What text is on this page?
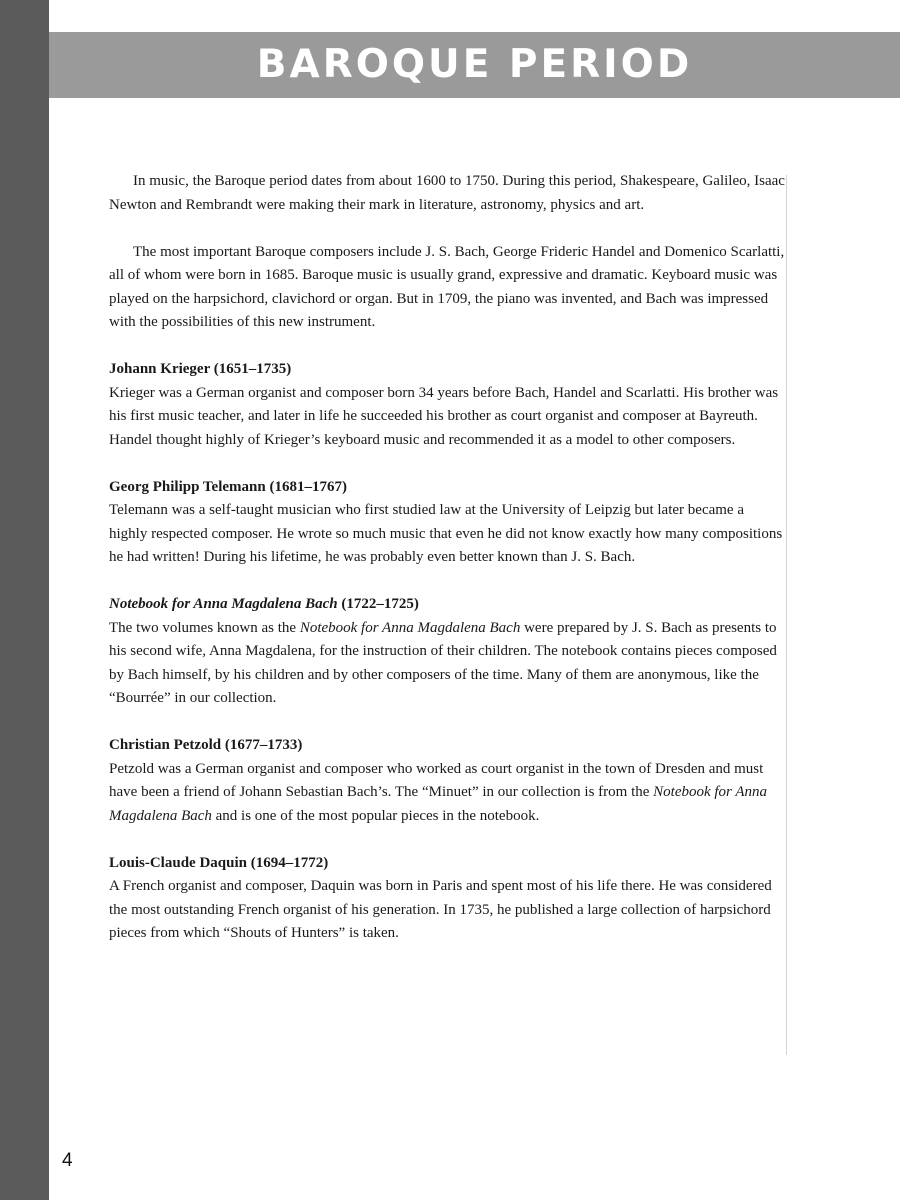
BAROQUE PERIOD

In music, the Baroque period dates from about 1600 to 1750. During this period, Shakespeare, Galileo, Isaac Newton and Rembrandt were making their mark in literature, astronomy, physics and art.

The most important Baroque composers include J. S. Bach, George Frideric Handel and Domenico Scarlatti, all of whom were born in 1685. Baroque music is usually grand, expressive and dramatic. Keyboard music was played on the harpsichord, clavichord or organ. But in 1709, the piano was invented, and Bach was impressed with the possibilities of this new instrument.

Johann Krieger (1651–1735)

Krieger was a German organist and composer born 34 years before Bach, Handel and Scarlatti. His brother was his first music teacher, and later in life he succeeded his brother as court organist and composer at Bayreuth. Handel thought highly of Krieger’s keyboard music and recommended it as a model to other composers.

Georg Philipp Telemann (1681–1767)

Telemann was a self-taught musician who first studied law at the University of Leipzig but later became a highly respected composer. He wrote so much music that even he did not know exactly how many compositions he had written! During his lifetime, he was probably even better known than J. S. Bach.

Notebook for Anna Magdalena Bach (1722–1725)

The two volumes known as the Notebook for Anna Magdalena Bach were prepared by J. S. Bach as presents to his second wife, Anna Magdalena, for the instruction of their children. The notebook contains pieces composed by Bach himself, by his children and by other composers of the time. Many of them are anonymous, like the “Bourrée” in our collection.

Christian Petzold (1677–1733)

Petzold was a German organist and composer who worked as court organist in the town of Dresden and must have been a friend of Johann Sebastian Bach’s. The “Minuet” in our collection is from the Notebook for Anna Magdalena Bach and is one of the most popular pieces in the notebook.

Louis-Claude Daquin (1694–1772)

A French organist and composer, Daquin was born in Paris and spent most of his life there. He was considered the most outstanding French organist of his generation. In 1735, he published a large collection of harpsichord pieces from which “Shouts of Hunters” is taken.

4
